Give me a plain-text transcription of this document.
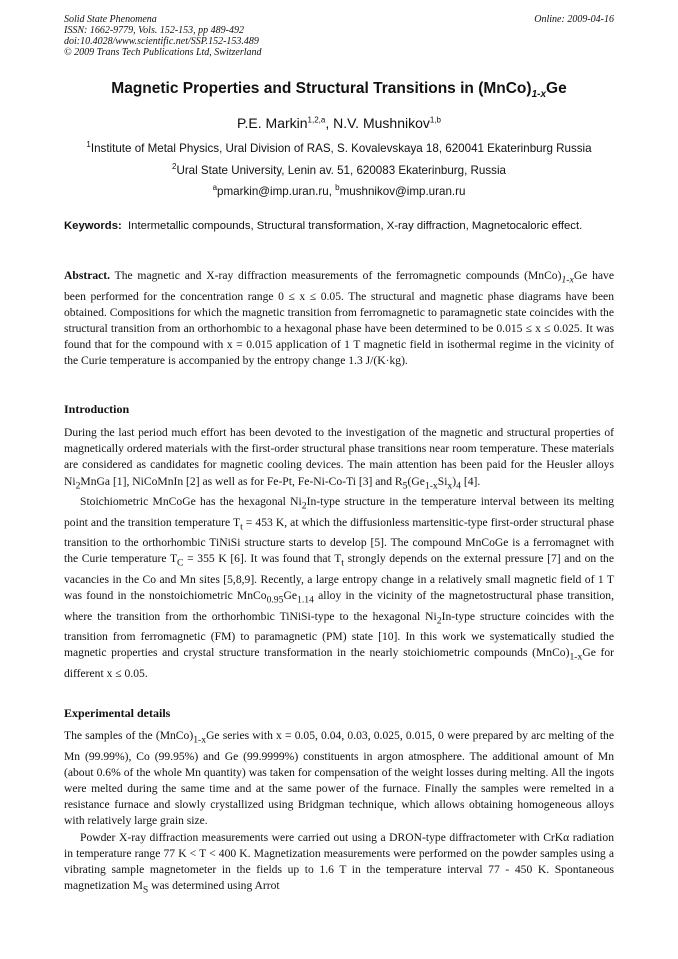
Solid State Phenomena
ISSN: 1662-9779, Vols. 152-153, pp 489-492
doi:10.4028/www.scientific.net/SSP.152-153.489
© 2009 Trans Tech Publications Ltd, Switzerland
Online: 2009-04-16
Magnetic Properties and Structural Transitions in $(MnCo)_{1-x}Ge$
P.E. Markin$^{1,2,a}$, N.V. Mushnikov$^{1,b}$
$^1$Institute of Metal Physics, Ural Division of RAS, S. Kovalevskaya 18, 620041 Ekaterinburg Russia
$^2$Ural State University, Lenin av. 51, 620083 Ekaterinburg, Russia
$^a$pmarkin@imp.uran.ru, $^b$mushnikov@imp.uran.ru
Keywords: Intermetallic compounds, Structural transformation, X-ray diffraction, Magnetocaloric effect.

Abstract. The magnetic and X-ray diffraction measurements of the ferromagnetic compounds $(MnCo)_{1-x}Ge$ have been performed for the concentration range 0 ≤ x ≤ 0.05. The structural and magnetic phase diagrams have been obtained. Compositions for which the magnetic transition from ferromagnetic to paramagnetic state coincides with the structural transition from an orthorhombic to a hexagonal phase have been determined to be 0.015 ≤ x ≤ 0.025. It was found that for the compound with x = 0.015 application of 1 T magnetic field in isothermal regime in the vicinity of the Curie temperature is accompanied by the entropy change 1.3 J/(K·kg).

Introduction

During the last period much effort has been devoted to the investigation of the magnetic and structural properties of magnetically ordered materials with the first-order structural phase transitions near room temperature. These materials are considered as candidates for magnetic cooling devices. The main attention has been paid for the Heusler alloys $Ni_2MnGa$ [1], NiCoMnIn [2] as well as for Fe-Pt, Fe-Ni-Co-Ti [3] and $R_5(Ge_{1-x}Si_x)_4$ [4].

Stoichiometric MnCoGe has the hexagonal $Ni_2In$-type structure in the temperature interval between its melting point and the transition temperature $T_t = 453$ K, at which the diffusionless martensitic-type first-order structural phase transition to the orthorhombic TiNiSi structure starts to develop [5]. The compound MnCoGe is a ferromagnet with the Curie temperature $T_C = 355$ K [6]. It was found that $T_t$ strongly depends on the external pressure [7] and on the vacancies in the Co and Mn sites [5,8,9]. Recently, a large entropy change in a relatively small magnetic field of 1 T was found in the nonstoichiometric $MnCo_{0.95}Ge_{1.14}$ alloy in the vicinity of the magnetostructural phase transition, where the transition from the orthorhombic TiNiSi-type to the hexagonal $Ni_2In$-type structure coincides with the transition from ferromagnetic (FM) to paramagnetic (PM) state [10]. In this work we systematically studied the magnetic properties and crystal structure transformation in the nearly stoichiometric compounds $(MnCo)_{1-x}Ge$ for different x ≤ 0.05.

Experimental details

The samples of the $(MnCo)_{1-x}Ge$ series with x = 0.05, 0.04, 0.03, 0.025, 0.015, 0 were prepared by arc melting of the Mn (99.99%), Co (99.95%) and Ge (99.9999%) constituents in argon atmosphere. The additional amount of Mn (about 0.6% of the whole Mn quantity) was taken for compensation of the weight losses during melting. All the ingots were melted during the same time and at the same power of the furnace. Finally the samples were remelted in a resistance furnace and slowly crystallized using Bridgman technique, which allows obtaining homogeneous alloys with relatively large grain size.

Powder X-ray diffraction measurements were carried out using a DRON-type diffractometer with CrKα radiation in temperature range 77 K < T < 400 K. Magnetization measurements were performed on the powder samples using a vibrating sample magnetometer in the fields up to 1.6 T in the temperature interval 77 - 450 K. Spontaneous magnetization $M_S$ was determined using Arrot
